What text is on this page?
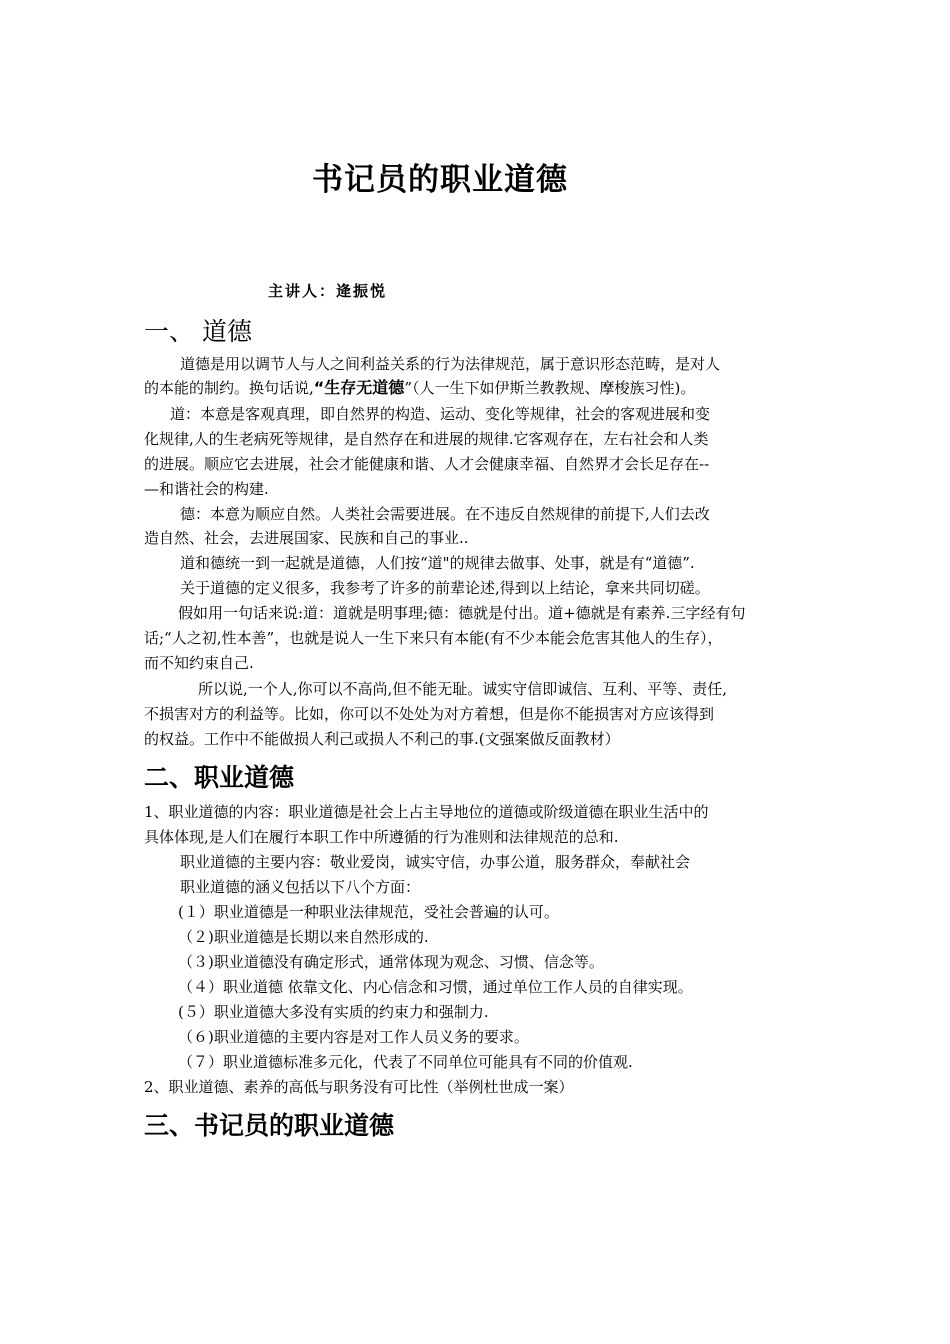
书记员的职业道德
主讲人：逄振悦
一、 道德
道德是用以调节人与人之间利益关系的行为法律规范，属于意识形态范畴，是对人
的本能的制约。换句话说,“生存无道德”（人一生下如伊斯兰教教规、摩梭族习性)。
道：本意是客观真理，即自然界的构造、运动、变化等规律，社会的客观进展和变
化规律,人的生老病死等规律，是自然存在和进展的规律.它客观存在，左右社会和人类
的进展。顺应它去进展，社会才能健康和谐、人才会健康幸福、自然界才会长足存在--
—和谐社会的构建.
德：本意为顺应自然。人类社会需要进展。在不违反自然规律的前提下,人们去改
造自然、社会，去进展国家、民族和自己的事业..
道和德统一到一起就是道德，人们按“道"的规律去做事、处事，就是有“道德”.
关于道德的定义很多，我参考了许多的前辈论述,得到以上结论，拿来共同切磋。
假如用一句话来说:道：道就是明事理;德：德就是付出。道+德就是有素养.三字经有句
话;“人之初,性本善”，也就是说人一生下来只有本能(有不少本能会危害其他人的生存），
而不知约束自己.
所以说,一个人,你可以不高尚,但不能无耻。诚实守信即诚信、互利、平等、责任,
不损害对方的利益等。比如，你可以不处处为对方着想，但是你不能损害对方应该得到
的权益。工作中不能做损人利己或损人不利己的事.(文强案做反面教材）
二、职业道德
1、职业道德的内容：职业道德是社会上占主导地位的道德或阶级道德在职业生活中的
具体体现,是人们在履行本职工作中所遵循的行为准则和法律规范的总和.
职业道德的主要内容：敬业爱岗，诚实守信，办事公道，服务群众，奉献社会
职业道德的涵义包括以下八个方面：
(１）职业道德是一种职业法律规范，受社会普遍的认可。
（２)职业道德是长期以来自然形成的.
（３)职业道德没有确定形式，通常体现为观念、习惯、信念等。
（４）职业道德 依靠文化、内心信念和习惯，通过单位工作人员的自律实现。
(５）职业道德大多没有实质的约束力和强制力.
（６)职业道德的主要内容是对工作人员义务的要求。
（７）职业道德标准多元化，代表了不同单位可能具有不同的价值观.
2、职业道德、素养的高低与职务没有可比性（举例杜世成一案）
三、书记员的职业道德
